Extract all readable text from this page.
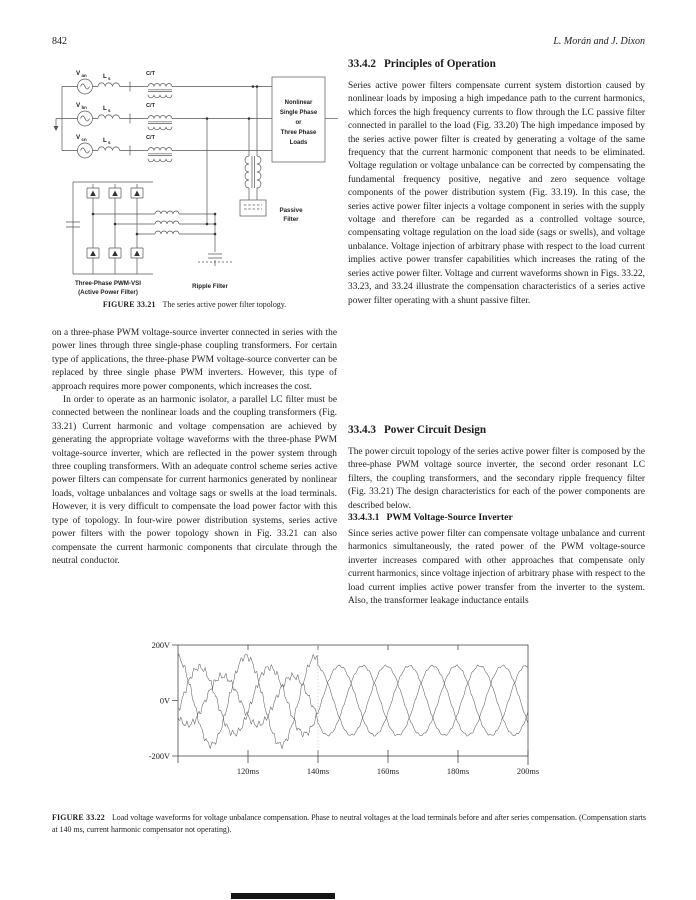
842	L. Morán and J. Dixon
V an
V bn
V cn
L s
L s
L s
C/T
C/T
C/T
Nonlinear
Single Phase
or
Three Phase
Loads
Three-Phase PWM-VSI
(Active Power Filter)
Ripple Filter
Passive
Filter
FIGURE 33.21 The series active power filter topology.

on a three-phase PWM voltage-source inverter connected in series with the power lines through three single-phase coupling transformers. For certain type of applications, the three-phase PWM voltage-source converter can be replaced by three single phase PWM inverters. However, this type of approach requires more power components, which increases the cost.

In order to operate as an harmonic isolator, a parallel LC filter must be connected between the nonlinear loads and the coupling transformers (Fig. 33.21) Current harmonic and voltage compensation are achieved by generating the appropriate voltage waveforms with the three-phase PWM voltage-source inverter, which are reflected in the power system through three coupling transformers. With an adequate control scheme series active power filters can compensate for current harmonics generated by nonlinear loads, voltage unbalances and voltage sags or swells at the load terminals. However, it is very difficult to compensate the load power factor with this type of topology. In four-wire power distribution systems, series active power filters with the power topology shown in Fig. 33.21 can also compensate the current harmonic components that circulate through the neutral conductor.

33.4.2 Principles of Operation

Series active power filters compensate current system distortion caused by nonlinear loads by imposing a high impedance path to the current harmonics, which forces the high frequency currents to flow through the LC passive filter connected in parallel to the load (Fig. 33.20) The high impedance imposed by the series active power filter is created by generating a voltage of the same frequency that the current harmonic component that needs to be eliminated. Voltage regulation or voltage unbalance can be corrected by compensating the fundamental frequency positive, negative and zero sequence voltage components of the power distribution system (Fig. 33.19). In this case, the series active power filter injects a voltage component in series with the supply voltage and therefore can be regarded as a controlled voltage source, compensating voltage regulation on the load side (sags or swells), and voltage unbalance. Voltage injection of arbitrary phase with respect to the load current implies active power transfer capabilities which increases the rating of the series active power filter. Voltage and current waveforms shown in Figs. 33.22, 33.23, and 33.24 illustrate the compensation characteristics of a series active power filter operating with a shunt passive filter.

33.4.3 Power Circuit Design

The power circuit topology of the series active power filter is composed by the three-phase PWM voltage source inverter, the second order resonant LC filters, the coupling transformers, and the secondary ripple frequency filter (Fig. 33.21) The design characteristics for each of the power components are described below.

33.4.3.1 PWM Voltage-Source Inverter

Since series active power filter can compensate voltage unbalance and current harmonics simultaneously, the rated power of the PWM voltage-source inverter increases compared with other approaches that compensate only current harmonics, since voltage injection of arbitrary phase with respect to the load current implies active power transfer from the inverter to the system. Also, the transformer leakage inductance entails

200V
0V
-200V
120ms	140ms	160ms	180ms	200ms
FIGURE 33.22 Load voltage waveforms for voltage unbalance compensation. Phase to neutral voltages at the load terminals before and after series compensation. (Compensation starts at 140 ms, current harmonic compensator not operating).
